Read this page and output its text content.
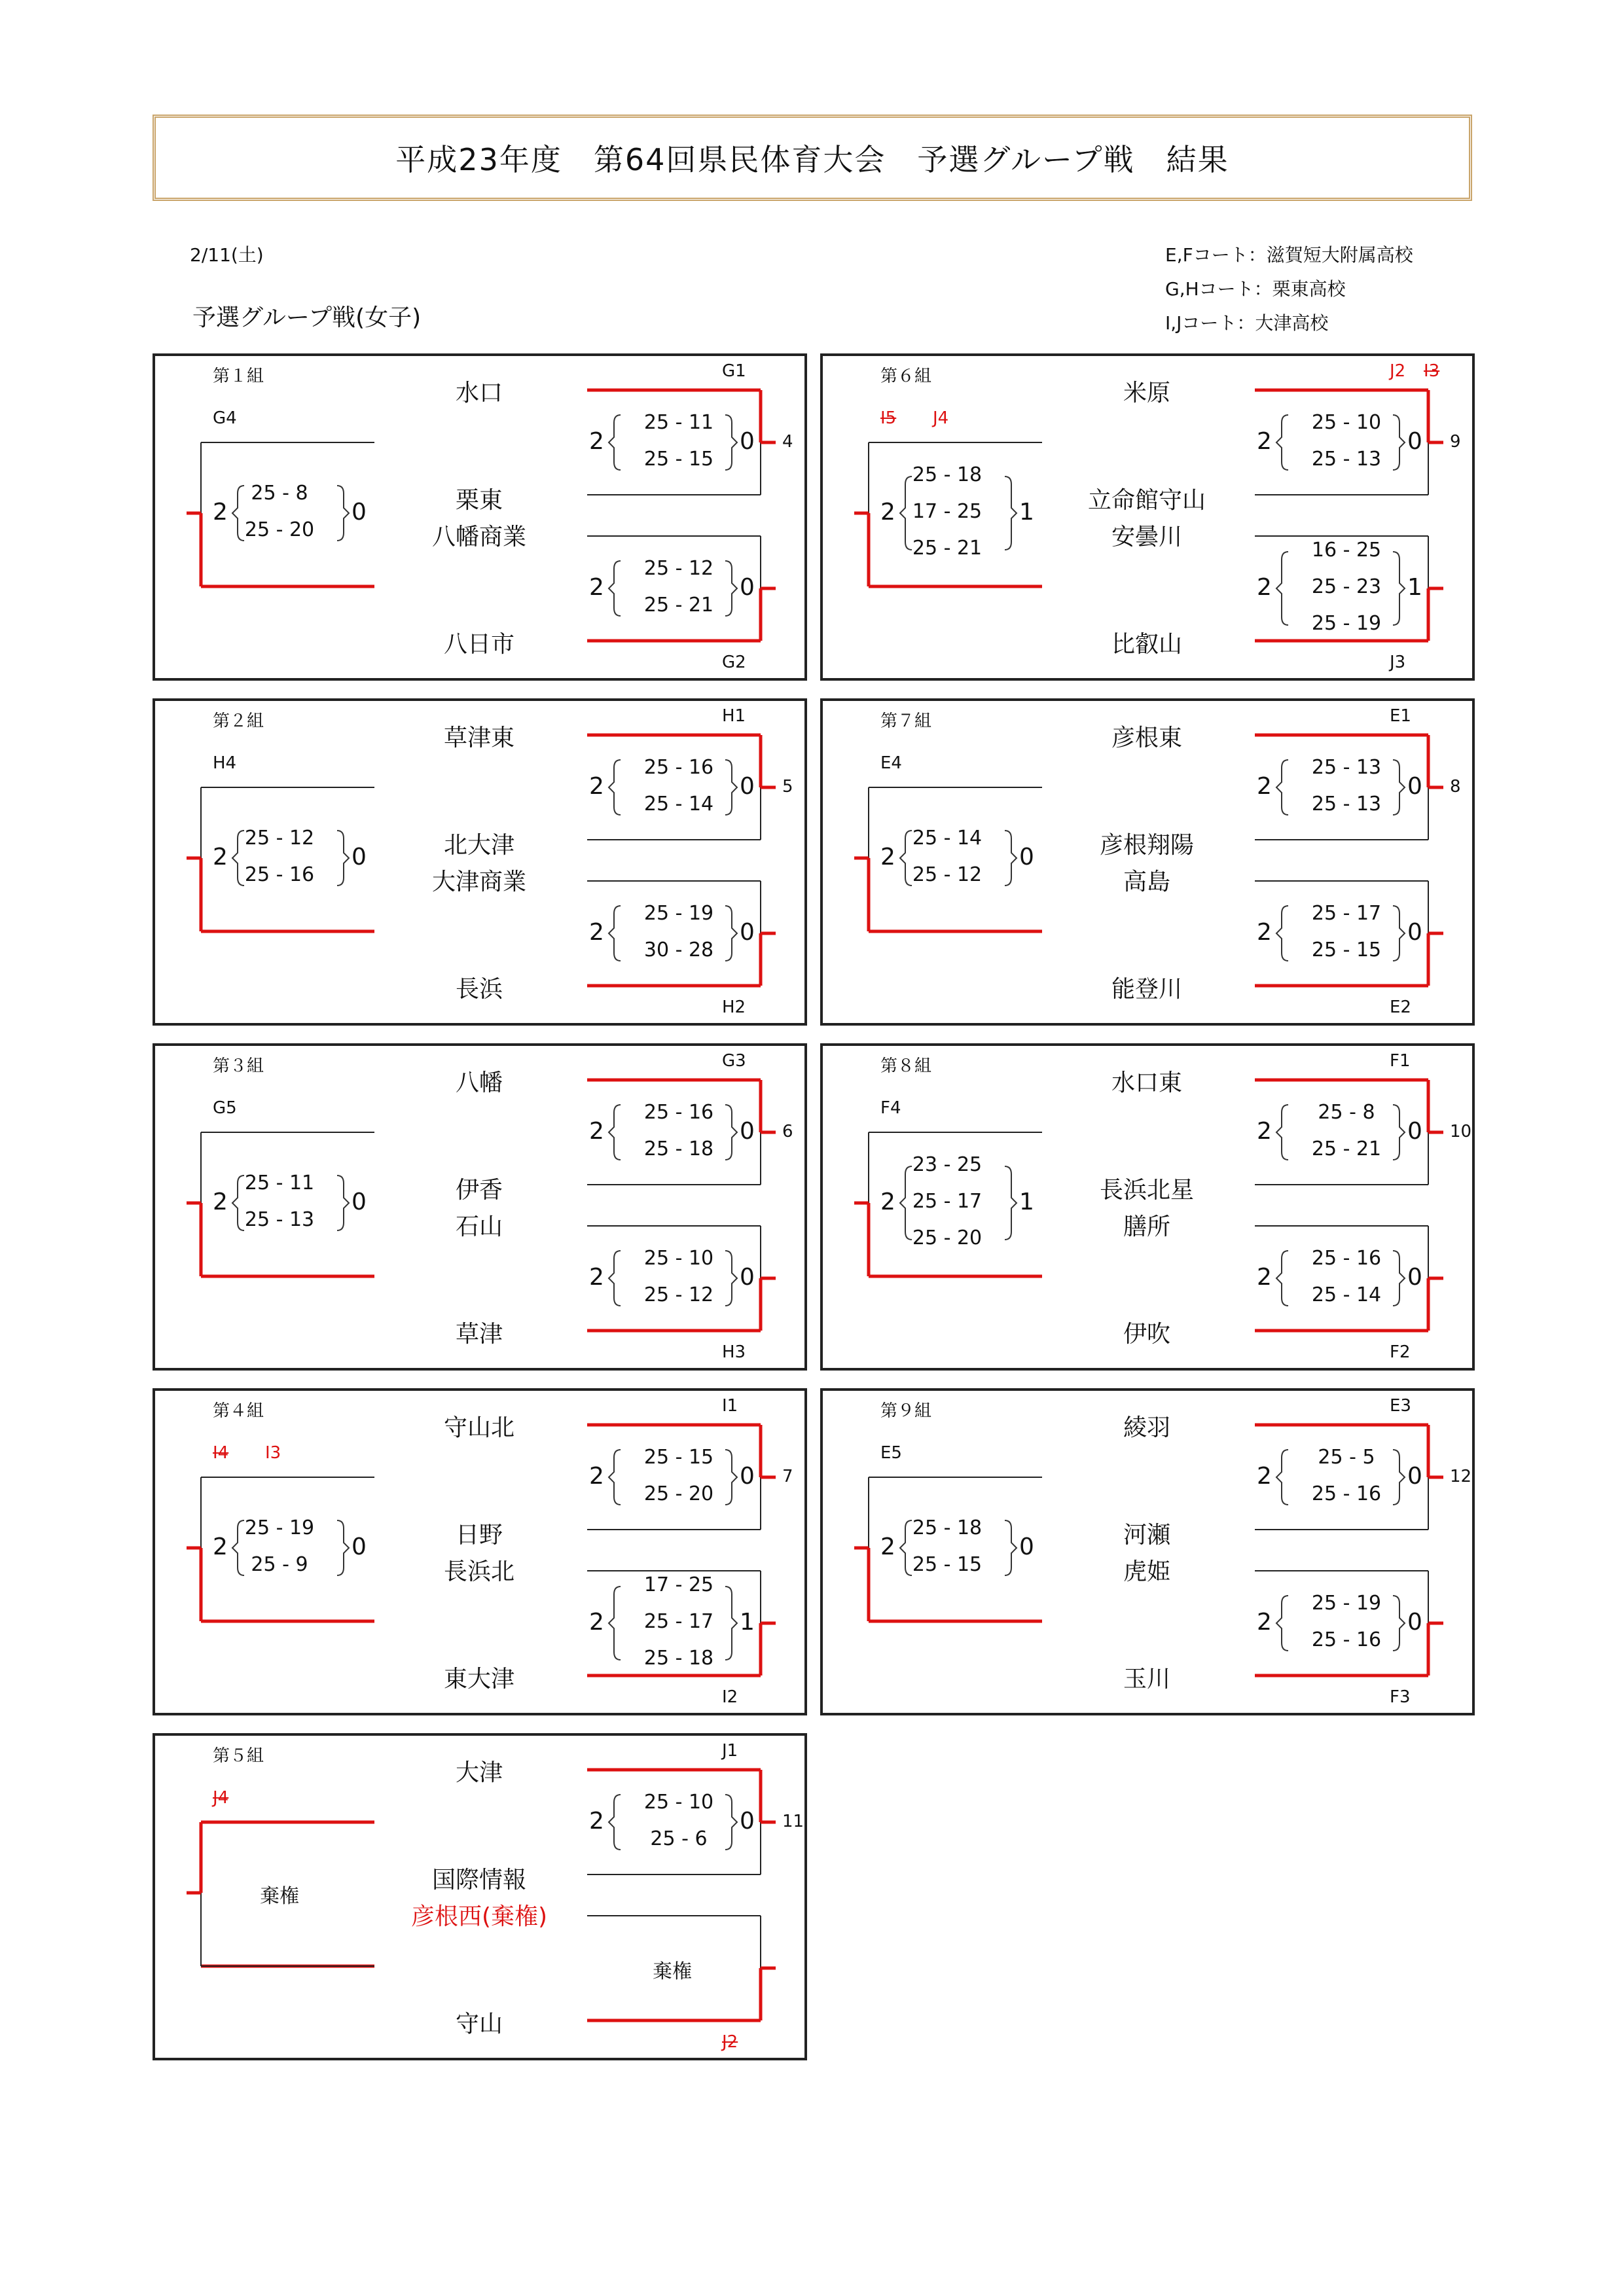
平成23年度　第64回県民体育大会　予選グループ戦　結果
2/11(土)
予選グループ戦(女子)
E,Fコート：滋賀短大附属高校
G,Hコート：栗東高校
I,Jコート：大津高校
第１組
水口
栗東
八幡商業
八日市
G1
G2
G4
2	0
25 - 8
25 - 20
2	0
25 - 11
25 - 15
2	0
25 - 12
25 - 21
4
第２組
草津東
北大津
大津商業
長浜
H1
H2
H4
2	0
25 - 12
25 - 16
2	0
25 - 16
25 - 14
2	0
25 - 19
30 - 28
5
第３組
八幡
伊香
石山
草津
G3
H3
G5
2	0
25 - 11
25 - 13
2	0
25 - 16
25 - 18
2	0
25 - 10
25 - 12
6
第４組
守山北
日野
長浜北
東大津
I1
I2
I4 I3
2	0
25 - 19
25 - 9
2	0
25 - 15
25 - 20
2	1
17 - 25
25 - 17
25 - 18
7
第５組
大津
国際情報
彦根西(棄権)
守山
J1
J2
J4
棄権
2	0
25 - 10
25 - 6
棄権
11
第６組
米原
立命館守山
安曇川
比叡山
J2 I3
J3
I5 J4
2	1
25 - 18
17 - 25
25 - 21
2	0
25 - 10
25 - 13
2	1
16 - 25
25 - 23
25 - 19
9
第７組
彦根東
彦根翔陽
高島
能登川
E1
E2
E4
2	0
25 - 14
25 - 12
2	0
25 - 13
25 - 13
2	0
25 - 17
25 - 15
8
第８組
水口東
長浜北星
膳所
伊吹
F1
F2
F4
2	1
23 - 25
25 - 17
25 - 20
2	0
25 - 8
25 - 21
2	0
25 - 16
25 - 14
10
第９組
綾羽
河瀬
虎姫
玉川
E3
F3
E5
2	0
25 - 18
25 - 15
2	0
25 - 5
25 - 16
2	0
25 - 19
25 - 16
12
